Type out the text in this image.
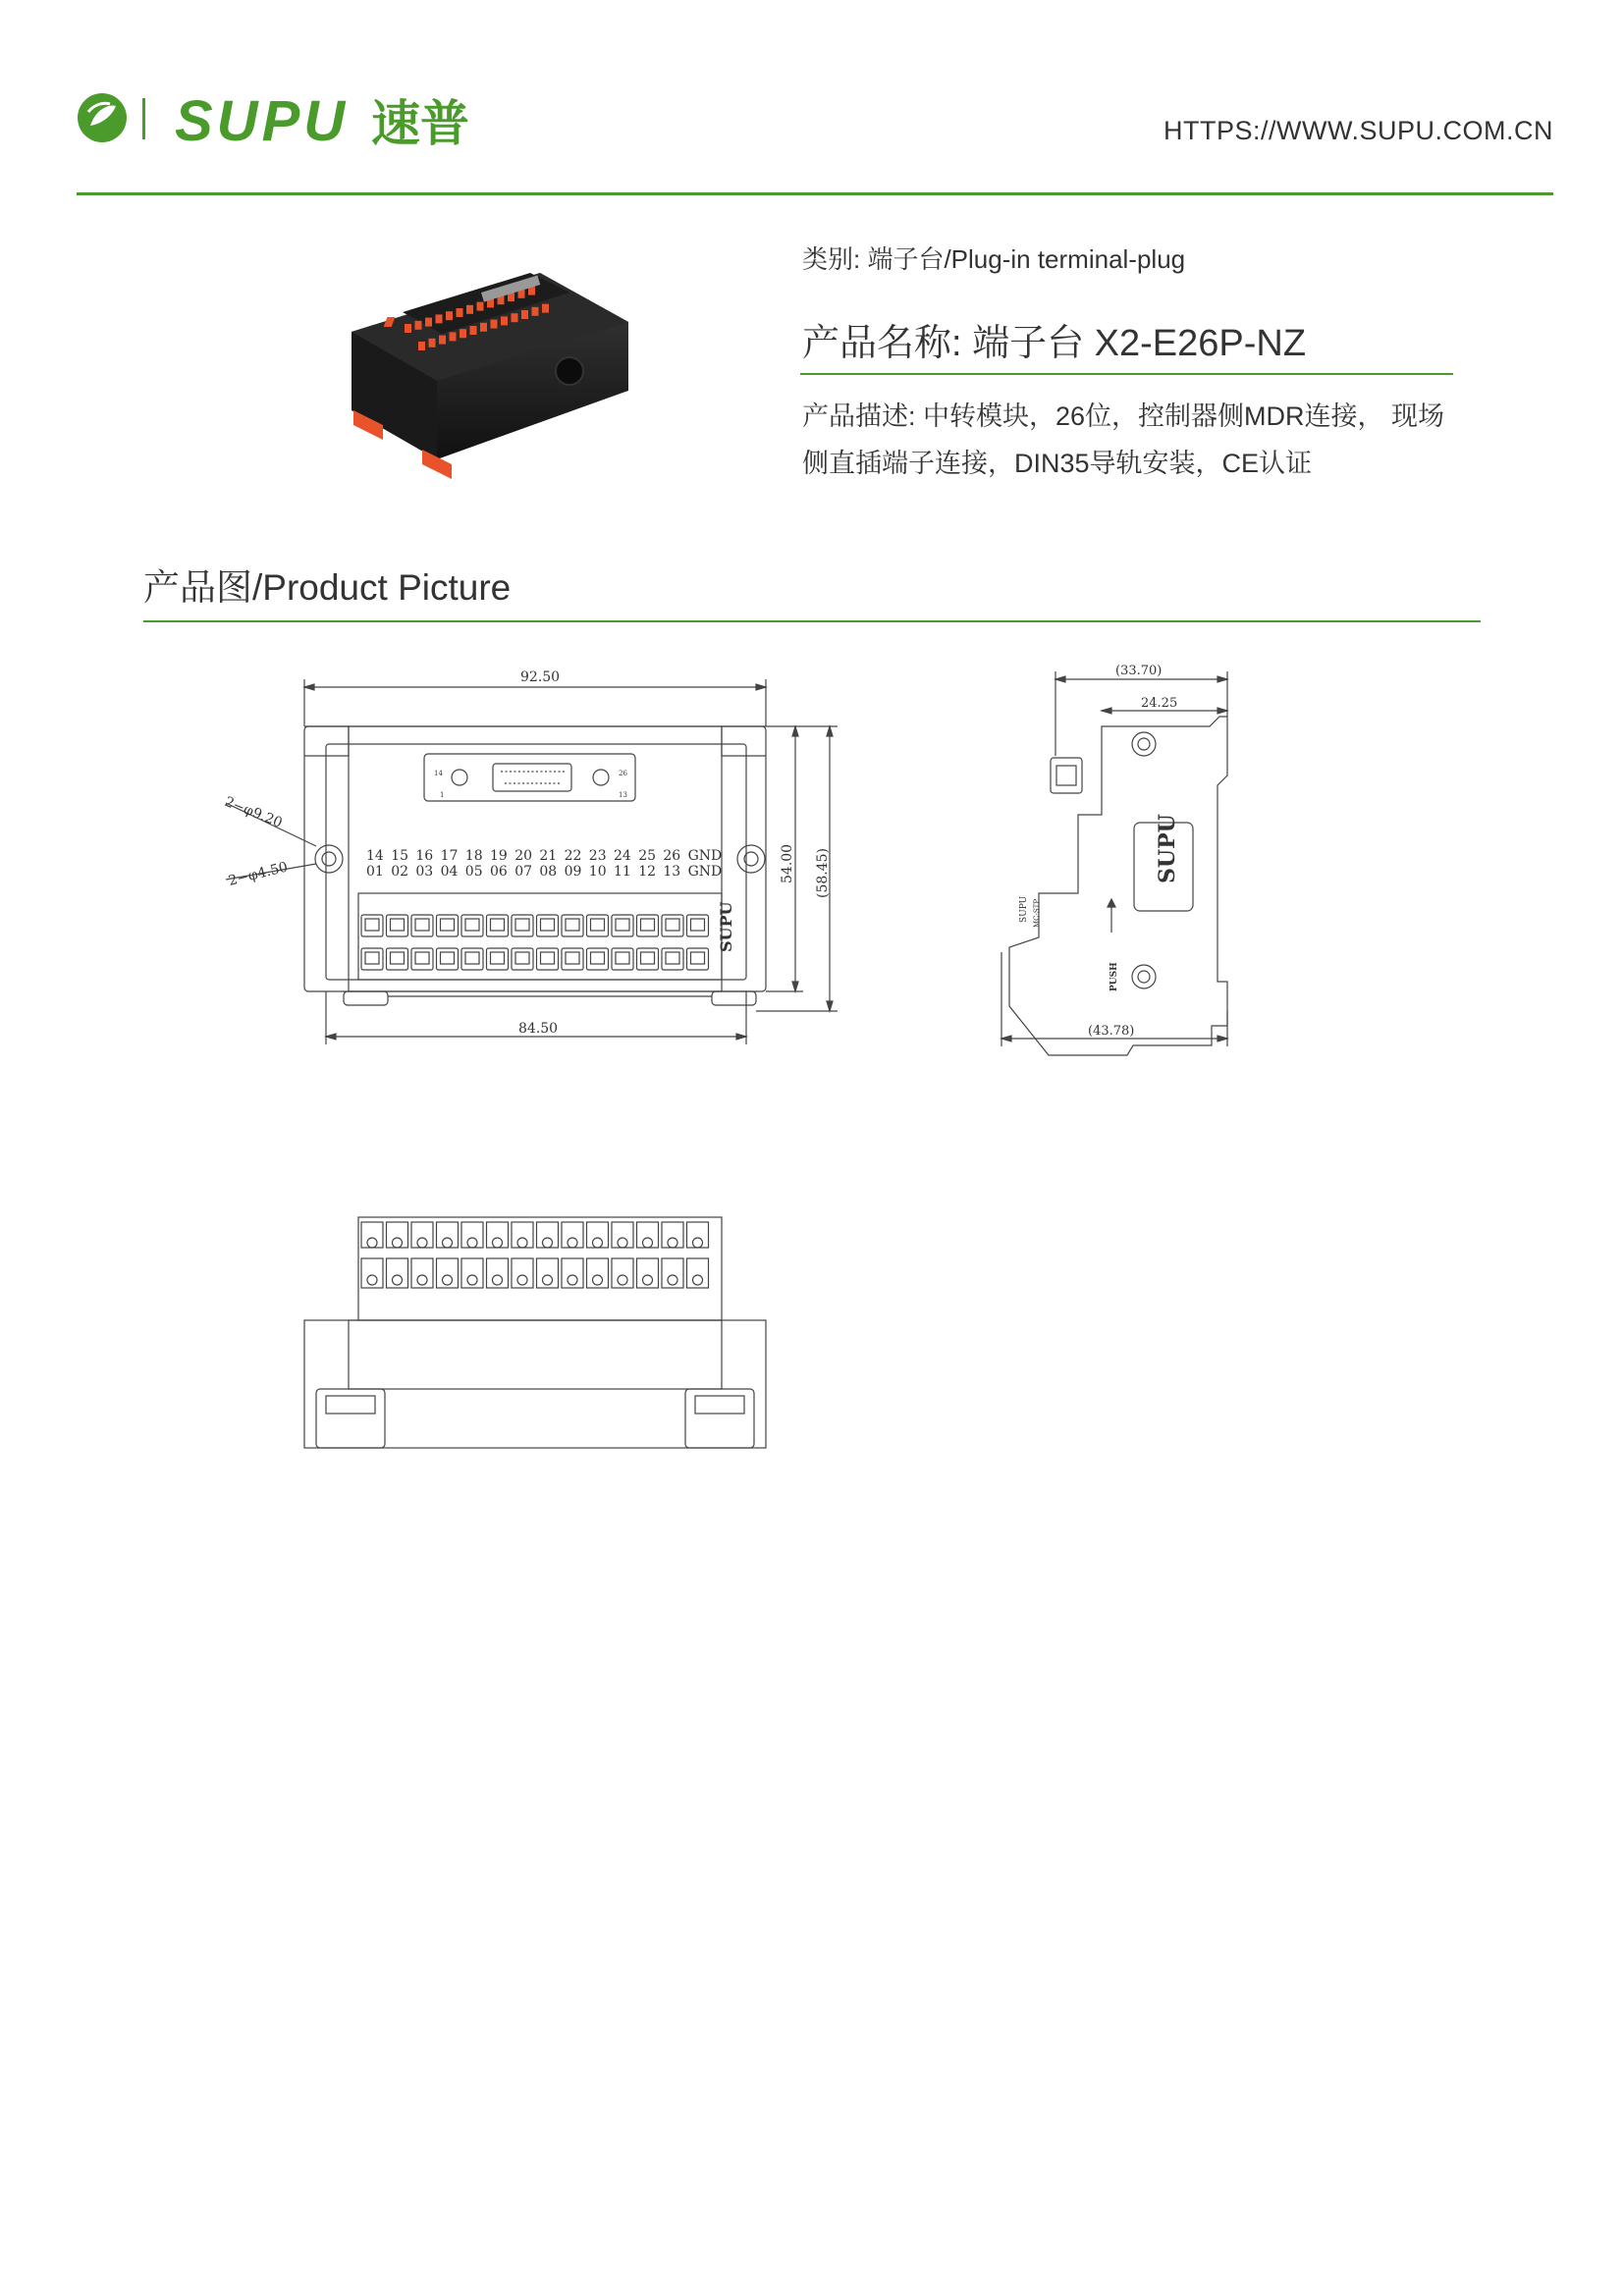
SUPU 速普	HTTPS://WWW.SUPU.COM.CN
类别: 端子台/Plug-in terminal-plug
产品名称: 端子台 X2-E26P-NZ
产品描述: 中转模块，26位，控制器侧MDR连接， 现场侧直插端子连接，DIN35导轨安装，CE认证
产品图/Product Picture
92.50
14
1
26
13
2−φ9.20
2−φ4.50
14 15 16 17 18 19 20 21 22 23 24 25 26 GND
01 02 03 04 05 06 07 08 09 10 11 12 13 GND
SUPU
84.50
54.00 (58.45)
(33.70)
24.25
SUPU
PUSH
SUPU MC-STP
(43.78)
